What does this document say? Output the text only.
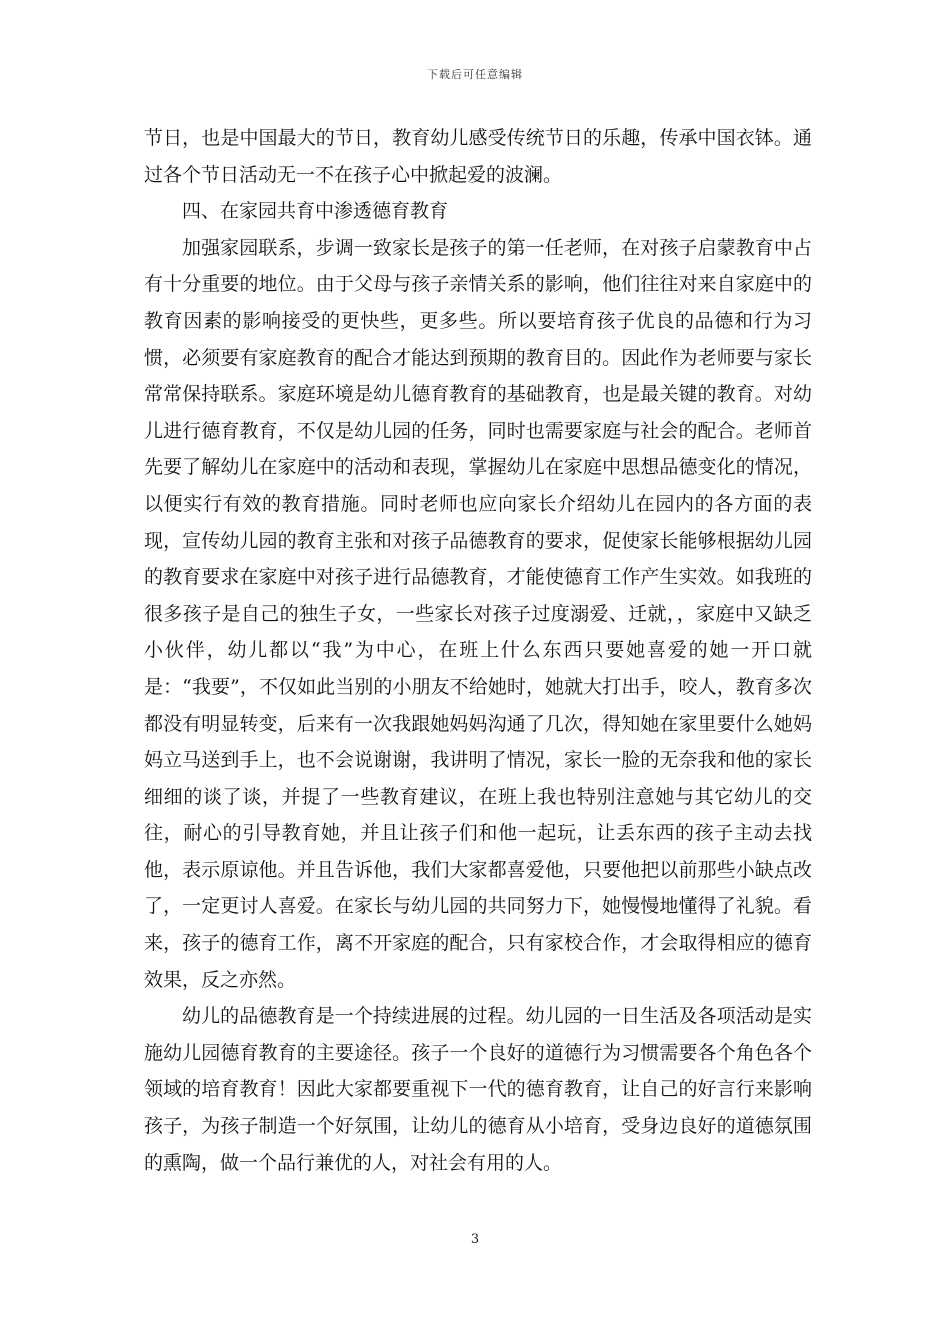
下载后可任意编辑

节日，也是中国最大的节日，教育幼儿感受传统节日的乐趣，传承中国衣钵。通过各个节日活动无一不在孩子心中掀起爱的波澜。

四、在家园共育中渗透德育教育

加强家园联系，步调一致家长是孩子的第一任老师，在对孩子启蒙教育中占有十分重要的地位。由于父母与孩子亲情关系的影响，他们往往对来自家庭中的教育因素的影响接受的更快些，更多些。所以要培育孩子优良的品德和行为习惯，必须要有家庭教育的配合才能达到预期的教育目的。因此作为老师要与家长常常保持联系。家庭环境是幼儿德育教育的基础教育，也是最关键的教育。对幼儿进行德育教育，不仅是幼儿园的任务，同时也需要家庭与社会的配合。老师首先要了解幼儿在家庭中的活动和表现，掌握幼儿在家庭中思想品德变化的情况，以便实行有效的教育措施。同时老师也应向家长介绍幼儿在园内的各方面的表现，宣传幼儿园的教育主张和对孩子品德教育的要求，促使家长能够根据幼儿园的教育要求在家庭中对孩子进行品德教育，才能使德育工作产生实效。如我班的很多孩子是自己的独生子女，一些家长对孩子过度溺爱、迁就，，家庭中又缺乏小伙伴，幼儿都以“我”为中心，在班上什么东西只要她喜爱的她一开口就是：“我要”，不仅如此当别的小朋友不给她时，她就大打出手，咬人，教育多次都没有明显转变，后来有一次我跟她妈妈沟通了几次，得知她在家里要什么她妈妈立马送到手上，也不会说谢谢，我讲明了情况，家长一脸的无奈我和他的家长细细的谈了谈，并提了一些教育建议，在班上我也特别注意她与其它幼儿的交往，耐心的引导教育她，并且让孩子们和他一起玩，让丢东西的孩子主动去找他，表示原谅他。并且告诉他，我们大家都喜爱他，只要他把以前那些小缺点改了，一定更讨人喜爱。在家长与幼儿园的共同努力下，她慢慢地懂得了礼貌。看来，孩子的德育工作，离不开家庭的配合，只有家校合作，才会取得相应的德育效果，反之亦然。

幼儿的品德教育是一个持续进展的过程。幼儿园的一日生活及各项活动是实施幼儿园德育教育的主要途径。孩子一个良好的道德行为习惯需要各个角色各个领域的培育教育！因此大家都要重视下一代的德育教育，让自己的好言行来影响孩子，为孩子制造一个好氛围，让幼儿的德育从小培育，受身边良好的道德氛围的熏陶，做一个品行兼优的人，对社会有用的人。

3
